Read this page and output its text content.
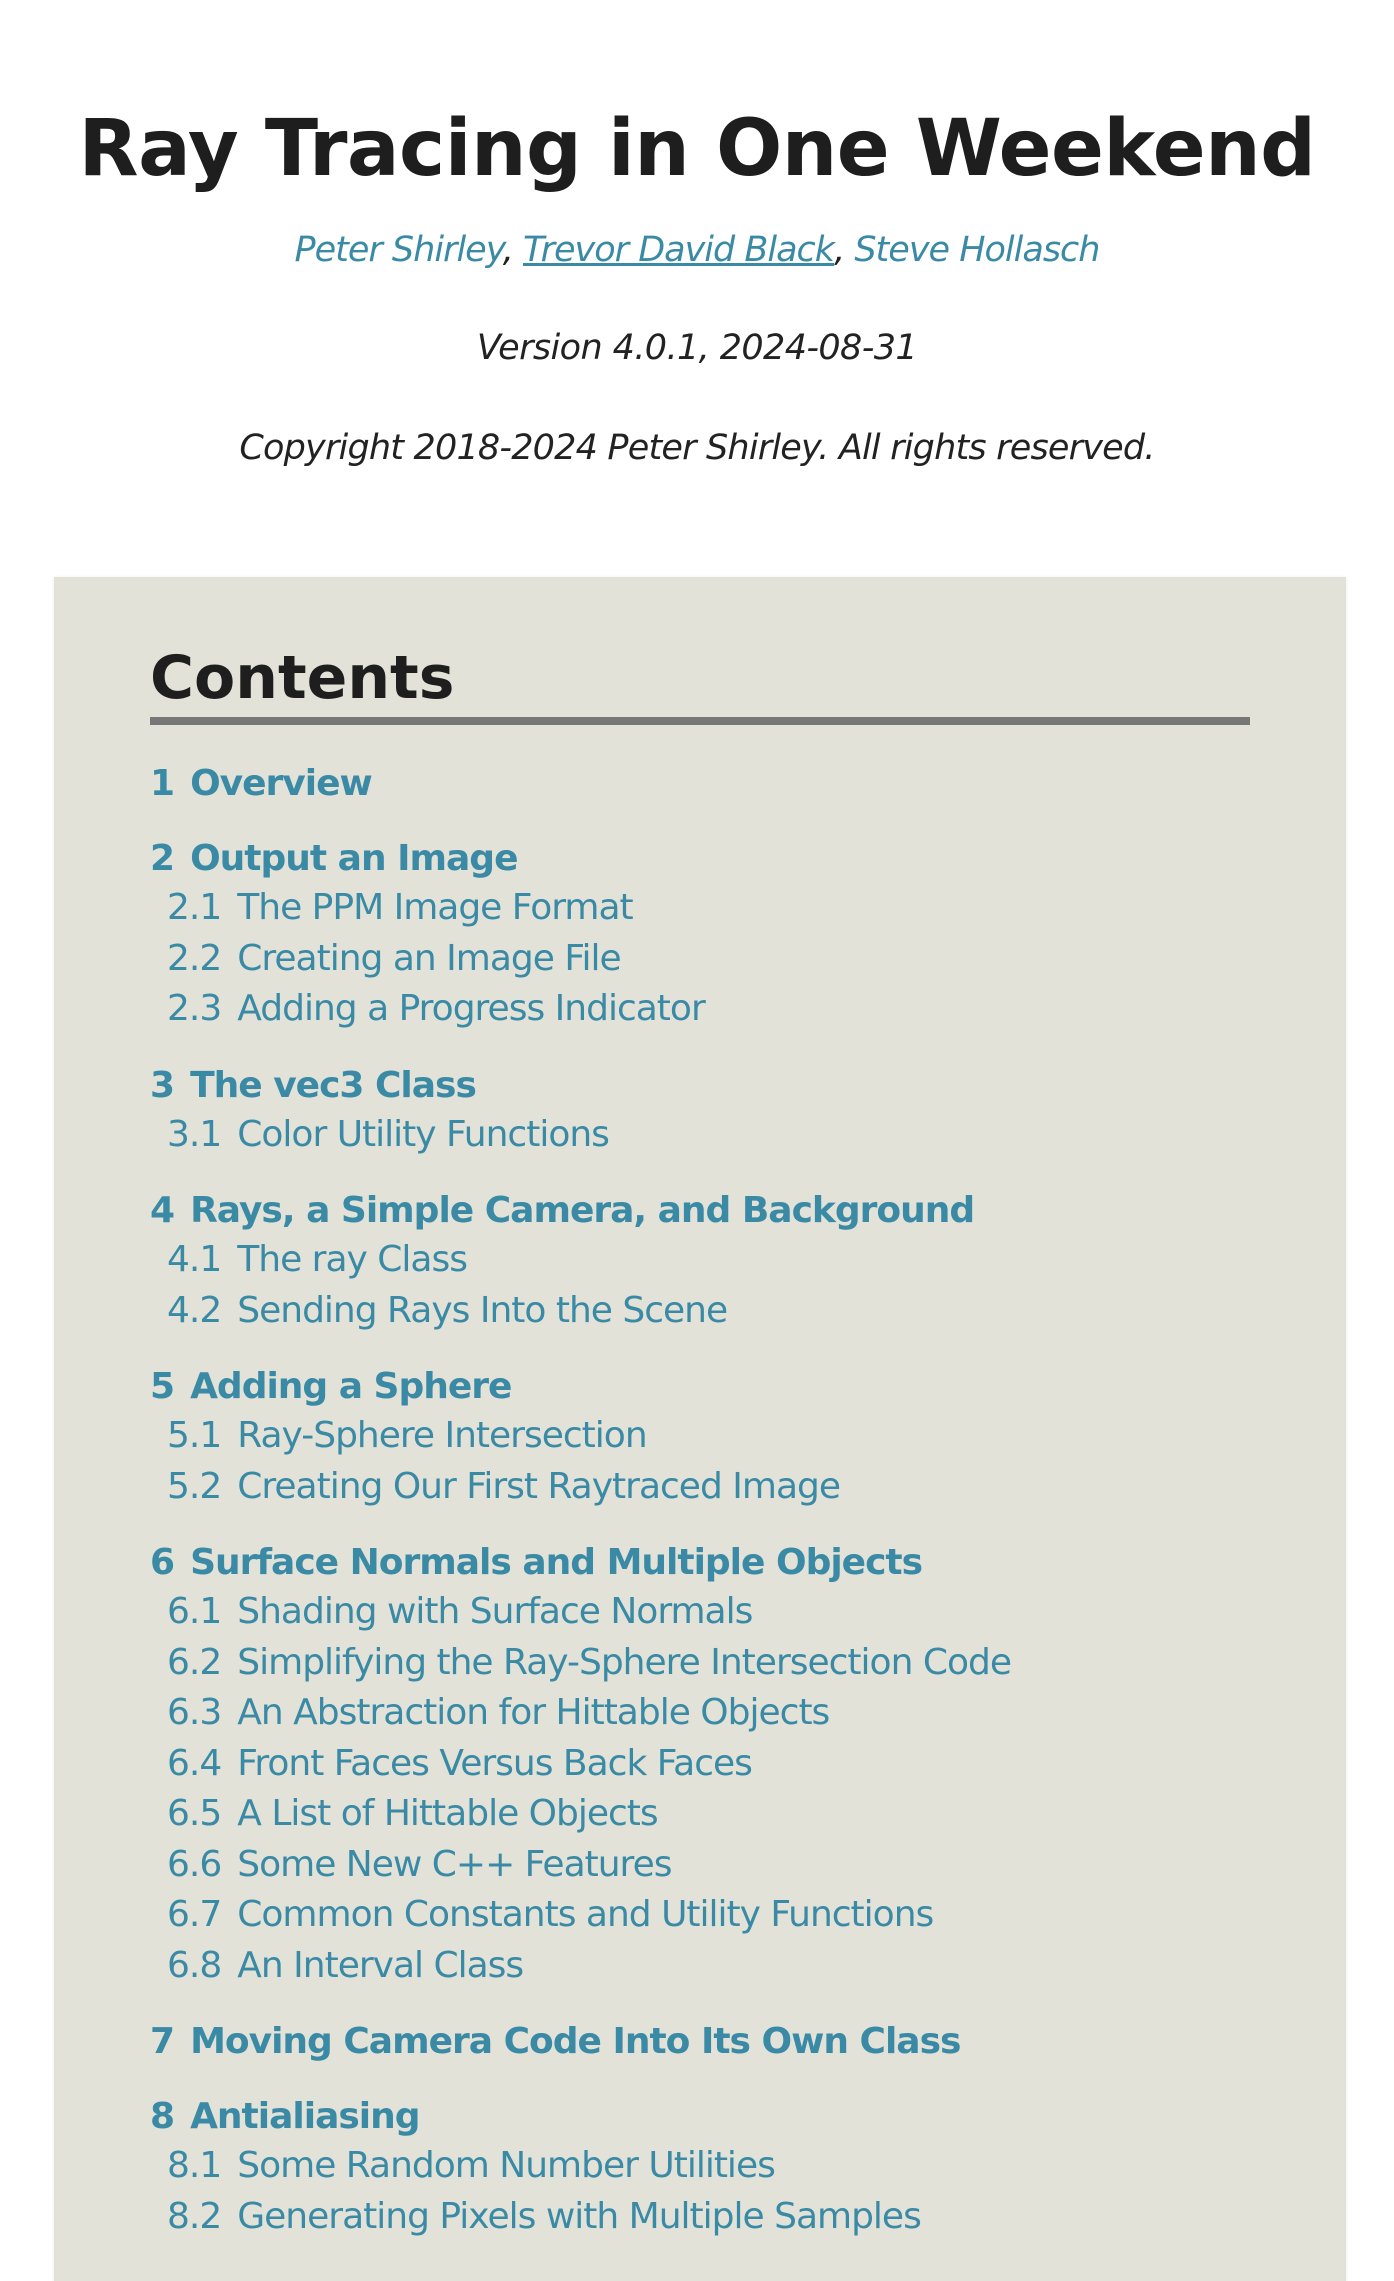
Ray Tracing in One Weekend
Peter Shirley, Trevor David Black, Steve Hollasch
Version 4.0.1, 2024-08-31
Copyright 2018-2024 Peter Shirley. All rights reserved.
Contents
1 Overview
2 Output an Image
2.1 The PPM Image Format
2.2 Creating an Image File
2.3 Adding a Progress Indicator
3 The vec3 Class
3.1 Color Utility Functions
4 Rays, a Simple Camera, and Background
4.1 The ray Class
4.2 Sending Rays Into the Scene
5 Adding a Sphere
5.1 Ray-Sphere Intersection
5.2 Creating Our First Raytraced Image
6 Surface Normals and Multiple Objects
6.1 Shading with Surface Normals
6.2 Simplifying the Ray-Sphere Intersection Code
6.3 An Abstraction for Hittable Objects
6.4 Front Faces Versus Back Faces
6.5 A List of Hittable Objects
6.6 Some New C++ Features
6.7 Common Constants and Utility Functions
6.8 An Interval Class
7 Moving Camera Code Into Its Own Class
8 Antialiasing
8.1 Some Random Number Utilities
8.2 Generating Pixels with Multiple Samples
